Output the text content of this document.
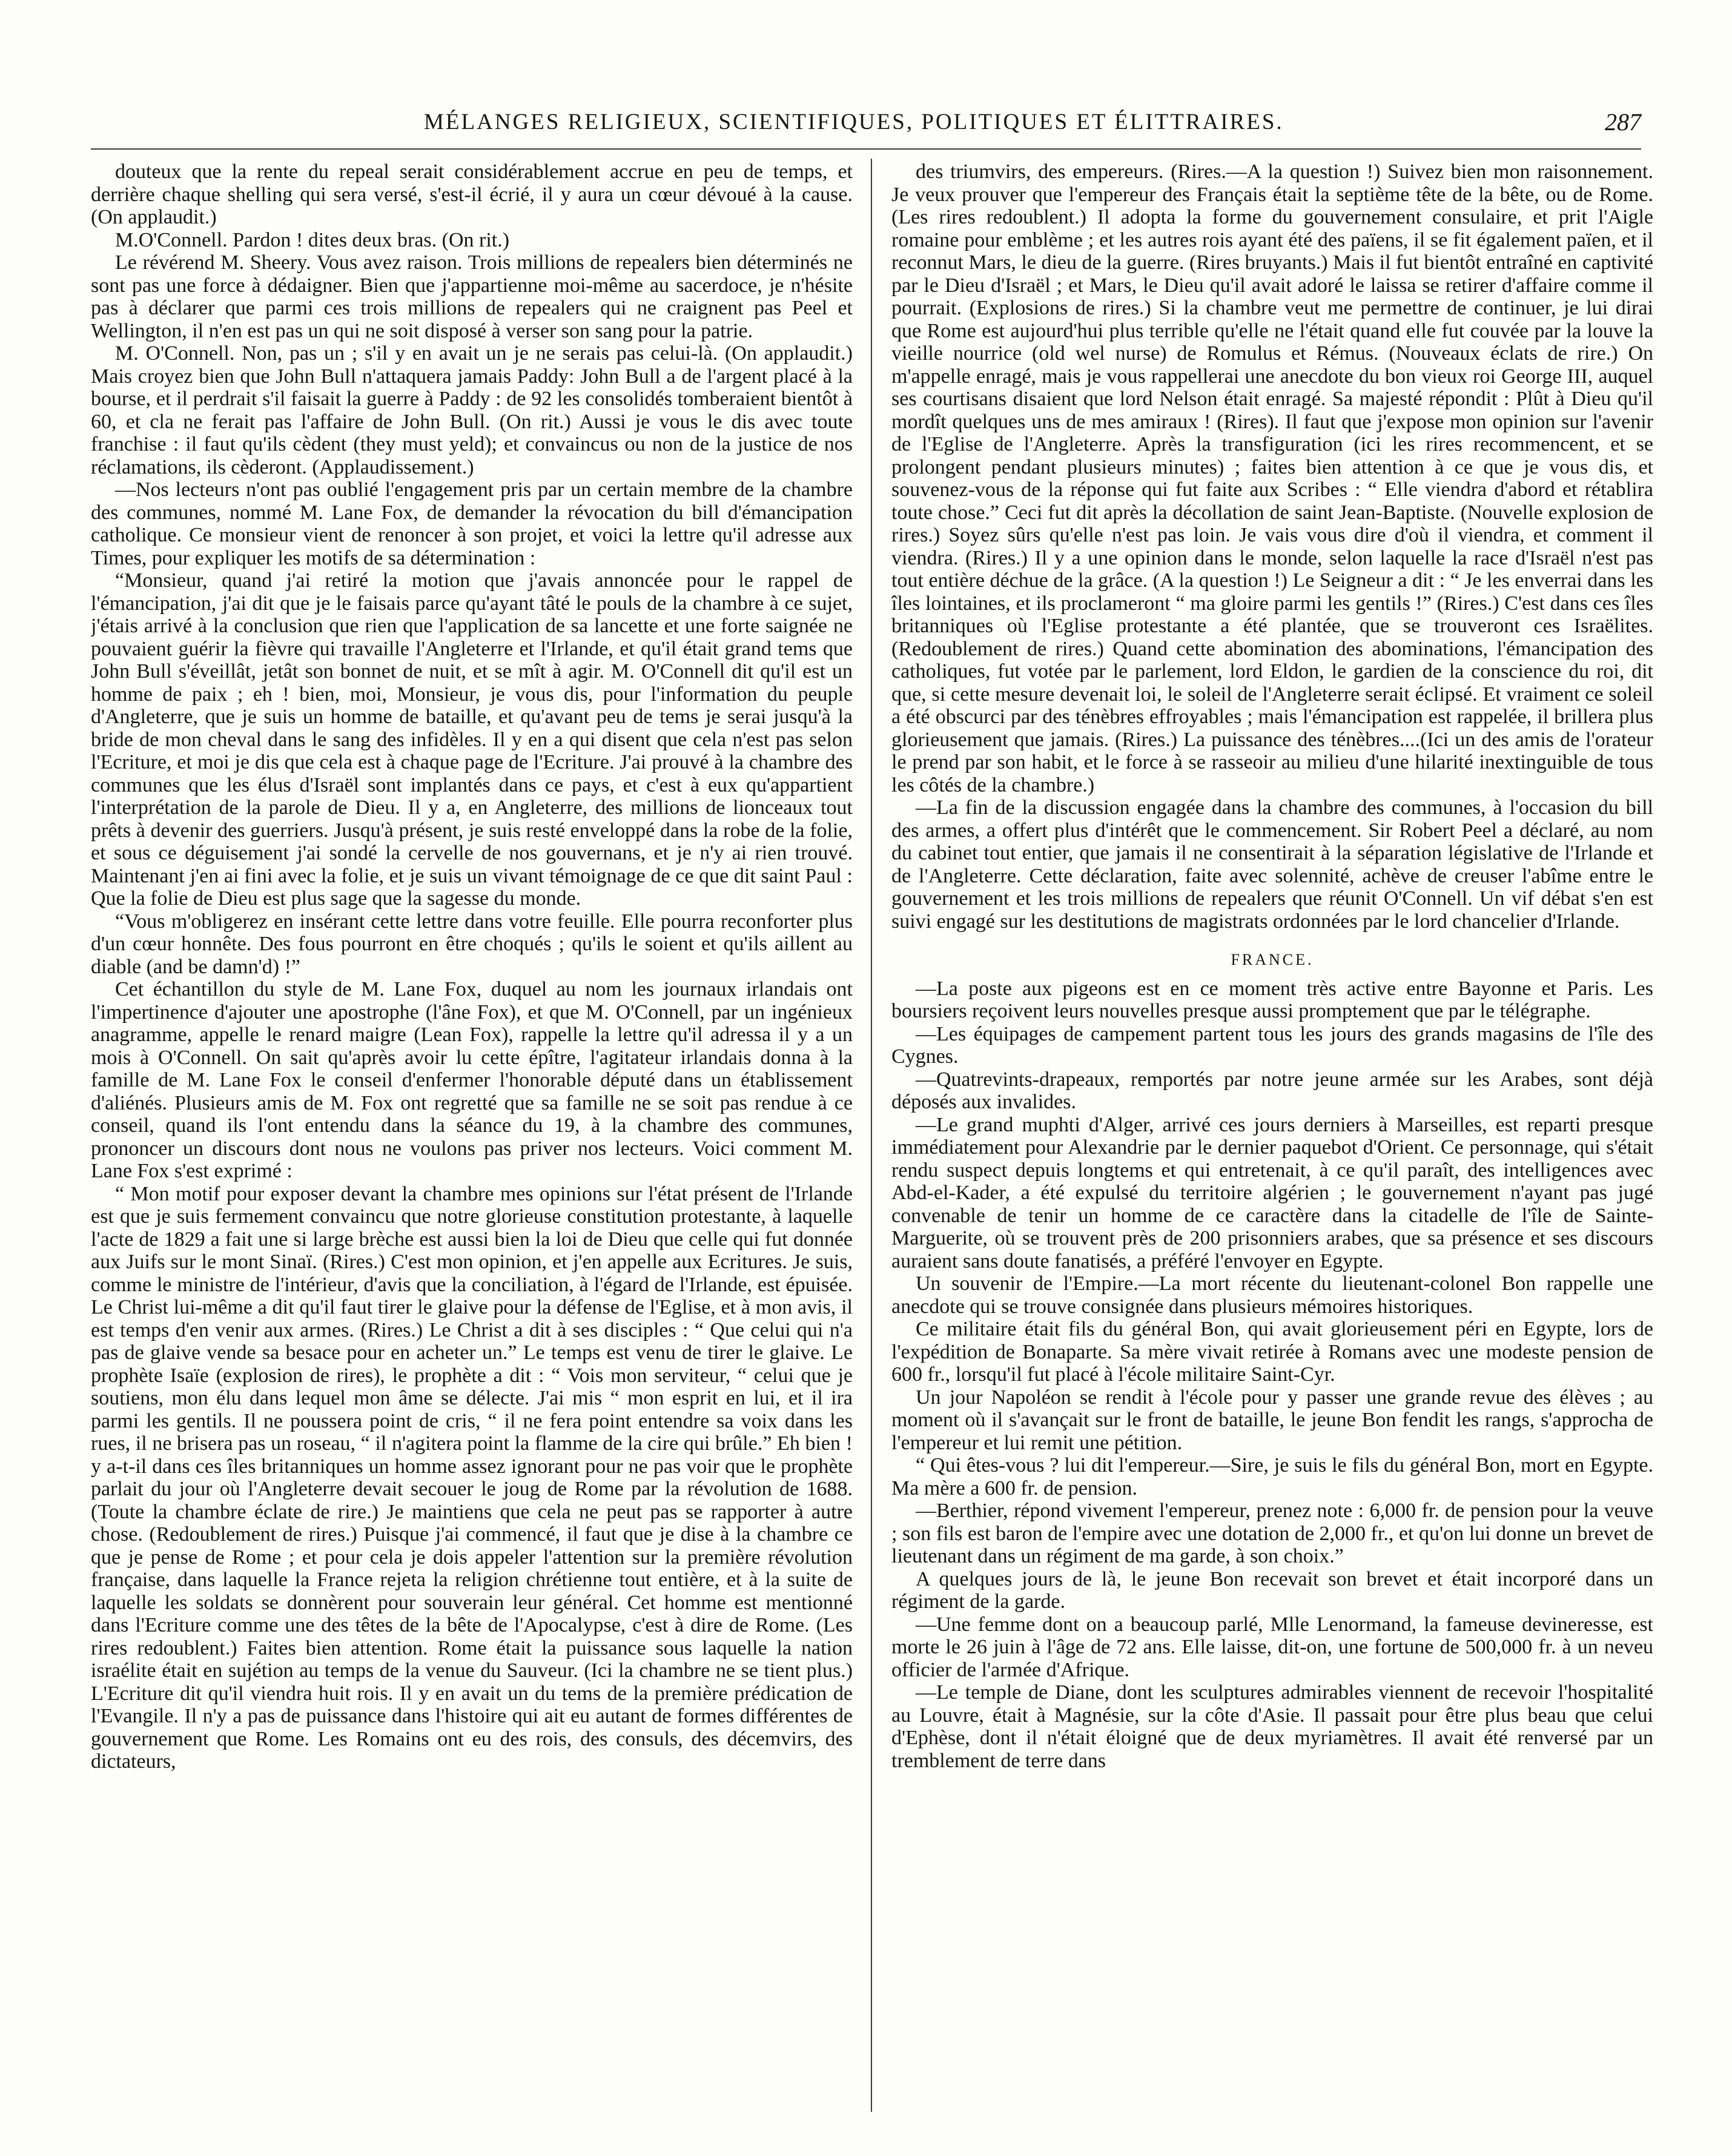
MÉLANGES RELIGIEUX, SCIENTIFIQUES, POLITIQUES ET ÉLITTRAIRES.	287

douteux que la rente du repeal serait considérablement accrue en peu de temps, et derrière chaque shelling qui sera versé, s'est-il écrié, il y aura un cœur dévoué à la cause. (On applaudit.)

M.O'Connell. Pardon ! dites deux bras. (On rit.)

Le révérend M. Sheery. Vous avez raison. Trois millions de repealers bien déterminés ne sont pas une force à dédaigner. Bien que j'appartienne moi-même au sacerdoce, je n'hésite pas à déclarer que parmi ces trois millions de repealers qui ne craignent pas Peel et Wellington, il n'en est pas un qui ne soit disposé à verser son sang pour la patrie.

M. O'Connell. Non, pas un ; s'il y en avait un je ne serais pas celui-là. (On applaudit.) Mais croyez bien que John Bull n'attaquera jamais Paddy: John Bull a de l'argent placé à la bourse, et il perdrait s'il faisait la guerre à Paddy : de 92 les consolidés tomberaient bientôt à 60, et cla ne ferait pas l'affaire de John Bull. (On rit.) Aussi je vous le dis avec toute franchise : il faut qu'ils cèdent (they must yeld); et convaincus ou non de la justice de nos réclamations, ils cèderont. (Applaudissement.)

—Nos lecteurs n'ont pas oublié l'engagement pris par un certain membre de la chambre des communes, nommé M. Lane Fox, de demander la révocation du bill d'émancipation catholique. Ce monsieur vient de renoncer à son projet, et voici la lettre qu'il adresse aux Times, pour expliquer les motifs de sa détermination :

“Monsieur, quand j'ai retiré la motion que j'avais annoncée pour le rappel de l'émancipation, j'ai dit que je le faisais parce qu'ayant tâté le pouls de la chambre à ce sujet, j'étais arrivé à la conclusion que rien que l'application de sa lancette et une forte saignée ne pouvaient guérir la fièvre qui travaille l'Angleterre et l'Irlande, et qu'il était grand tems que John Bull s'éveillât, jetât son bonnet de nuit, et se mît à agir. M. O'Connell dit qu'il est un homme de paix ; eh ! bien, moi, Monsieur, je vous dis, pour l'information du peuple d'Angleterre, que je suis un homme de bataille, et qu'avant peu de tems je serai jusqu'à la bride de mon cheval dans le sang des infidèles. Il y en a qui disent que cela n'est pas selon l'Ecriture, et moi je dis que cela est à chaque page de l'Ecriture. J'ai prouvé à la chambre des communes que les élus d'Israël sont implantés dans ce pays, et c'est à eux qu'appartient l'interprétation de la parole de Dieu. Il y a, en Angleterre, des millions de lionceaux tout prêts à devenir des guerriers. Jusqu'à présent, je suis resté enveloppé dans la robe de la folie, et sous ce déguisement j'ai sondé la cervelle de nos gouvernans, et je n'y ai rien trouvé. Maintenant j'en ai fini avec la folie, et je suis un vivant témoignage de ce que dit saint Paul : Que la folie de Dieu est plus sage que la sagesse du monde.

“Vous m'obligerez en insérant cette lettre dans votre feuille. Elle pourra reconforter plus d'un cœur honnête. Des fous pourront en être choqués ; qu'ils le soient et qu'ils aillent au diable (and be damn'd) !”

Cet échantillon du style de M. Lane Fox, duquel au nom les journaux irlandais ont l'impertinence d'ajouter une apostrophe (l'âne Fox), et que M. O'Connell, par un ingénieux anagramme, appelle le renard maigre (Lean Fox), rappelle la lettre qu'il adressa il y a un mois à O'Connell. On sait qu'après avoir lu cette épître, l'agitateur irlandais donna à la famille de M. Lane Fox le conseil d'enfermer l'honorable député dans un établissement d'aliénés. Plusieurs amis de M. Fox ont regretté que sa famille ne se soit pas rendue à ce conseil, quand ils l'ont entendu dans la séance du 19, à la chambre des communes, prononcer un discours dont nous ne voulons pas priver nos lecteurs. Voici comment M. Lane Fox s'est exprimé :

“ Mon motif pour exposer devant la chambre mes opinions sur l'état présent de l'Irlande est que je suis fermement convaincu que notre glorieuse constitution protestante, à laquelle l'acte de 1829 a fait une si large brèche est aussi bien la loi de Dieu que celle qui fut donnée aux Juifs sur le mont Sinaï. (Rires.) C'est mon opinion, et j'en appelle aux Ecritures. Je suis, comme le ministre de l'intérieur, d'avis que la conciliation, à l'égard de l'Irlande, est épuisée. Le Christ lui-même a dit qu'il faut tirer le glaive pour la défense de l'Eglise, et à mon avis, il est temps d'en venir aux armes. (Rires.) Le Christ a dit à ses disciples : “ Que celui qui n'a pas de glaive vende sa besace pour en acheter un.” Le temps est venu de tirer le glaive. Le prophète Isaïe (explosion de rires), le prophète a dit : “ Vois mon serviteur, “ celui que je soutiens, mon élu dans lequel mon âme se délecte. J'ai mis “ mon esprit en lui, et il ira parmi les gentils. Il ne poussera point de cris, “ il ne fera point entendre sa voix dans les rues, il ne brisera pas un roseau, “ il n'agitera point la flamme de la cire qui brûle.” Eh bien ! y a-t-il dans ces îles britanniques un homme assez ignorant pour ne pas voir que le prophète parlait du jour où l'Angleterre devait secouer le joug de Rome par la révolution de 1688. (Toute la chambre éclate de rire.) Je maintiens que cela ne peut pas se rapporter à autre chose. (Redoublement de rires.) Puisque j'ai commencé, il faut que je dise à la chambre ce que je pense de Rome ; et pour cela je dois appeler l'attention sur la première révolution française, dans laquelle la France rejeta la religion chrétienne tout entière, et à la suite de laquelle les soldats se donnèrent pour souverain leur général. Cet homme est mentionné dans l'Ecriture comme une des têtes de la bête de l'Apocalypse, c'est à dire de Rome. (Les rires redoublent.) Faites bien attention. Rome était la puissance sous laquelle la nation israélite était en sujétion au temps de la venue du Sauveur. (Ici la chambre ne se tient plus.) L'Ecriture dit qu'il viendra huit rois. Il y en avait un du tems de la première prédication de l'Evangile. Il n'y a pas de puissance dans l'histoire qui ait eu autant de formes différentes de gouvernement que Rome. Les Romains ont eu des rois, des consuls, des décemvirs, des dictateurs,

des triumvirs, des empereurs. (Rires.—A la question !) Suivez bien mon raisonnement. Je veux prouver que l'empereur des Français était la septième tête de la bête, ou de Rome. (Les rires redoublent.) Il adopta la forme du gouvernement consulaire, et prit l'Aigle romaine pour emblème ; et les autres rois ayant été des païens, il se fit également païen, et il reconnut Mars, le dieu de la guerre. (Rires bruyants.) Mais il fut bientôt entraîné en captivité par le Dieu d'Israël ; et Mars, le Dieu qu'il avait adoré le laissa se retirer d'affaire comme il pourrait. (Explosions de rires.) Si la chambre veut me permettre de continuer, je lui dirai que Rome est aujourd'hui plus terrible qu'elle ne l'était quand elle fut couvée par la louve la vieille nourrice (old wel nurse) de Romulus et Rémus. (Nouveaux éclats de rire.) On m'appelle enragé, mais je vous rappellerai une anecdote du bon vieux roi George III, auquel ses courtisans disaient que lord Nelson était enragé. Sa majesté répondit : Plût à Dieu qu'il mordît quelques uns de mes amiraux ! (Rires). Il faut que j'expose mon opinion sur l'avenir de l'Eglise de l'Angleterre. Après la transfiguration (ici les rires recommencent, et se prolongent pendant plusieurs minutes) ; faites bien attention à ce que je vous dis, et souvenez-vous de la réponse qui fut faite aux Scribes : “ Elle viendra d'abord et rétablira toute chose.” Ceci fut dit après la décollation de saint Jean-Baptiste. (Nouvelle explosion de rires.) Soyez sûrs qu'elle n'est pas loin. Je vais vous dire d'où il viendra, et comment il viendra. (Rires.) Il y a une opinion dans le monde, selon laquelle la race d'Israël n'est pas tout entière déchue de la grâce. (A la question !) Le Seigneur a dit : “ Je les enverrai dans les îles lointaines, et ils proclameront “ ma gloire parmi les gentils !” (Rires.) C'est dans ces îles britanniques où l'Eglise protestante a été plantée, que se trouveront ces Israëlites. (Redoublement de rires.) Quand cette abomination des abominations, l'émancipation des catholiques, fut votée par le parlement, lord Eldon, le gardien de la conscience du roi, dit que, si cette mesure devenait loi, le soleil de l'Angleterre serait éclipsé. Et vraiment ce soleil a été obscurci par des ténèbres effroyables ; mais l'émancipation est rappelée, il brillera plus glorieusement que jamais. (Rires.) La puissance des ténèbres....(Ici un des amis de l'orateur le prend par son habit, et le force à se rasseoir au milieu d'une hilarité inextinguible de tous les côtés de la chambre.)

—La fin de la discussion engagée dans la chambre des communes, à l'occasion du bill des armes, a offert plus d'intérêt que le commencement. Sir Robert Peel a déclaré, au nom du cabinet tout entier, que jamais il ne consentirait à la séparation législative de l'Irlande et de l'Angleterre. Cette déclaration, faite avec solennité, achève de creuser l'abîme entre le gouvernement et les trois millions de repealers que réunit O'Connell. Un vif débat s'en est suivi engagé sur les destitutions de magistrats ordonnées par le lord chancelier d'Irlande.

FRANCE.

—La poste aux pigeons est en ce moment très active entre Bayonne et Paris. Les boursiers reçoivent leurs nouvelles presque aussi promptement que par le télégraphe.

—Les équipages de campement partent tous les jours des grands magasins de l'île des Cygnes.

—Quatrevints-drapeaux, remportés par notre jeune armée sur les Arabes, sont déjà déposés aux invalides.

—Le grand muphti d'Alger, arrivé ces jours derniers à Marseilles, est reparti presque immédiatement pour Alexandrie par le dernier paquebot d'Orient. Ce personnage, qui s'était rendu suspect depuis longtems et qui entretenait, à ce qu'il paraît, des intelligences avec Abd-el-Kader, a été expulsé du territoire algérien ; le gouvernement n'ayant pas jugé convenable de tenir un homme de ce caractère dans la citadelle de l'île de Sainte-Marguerite, où se trouvent près de 200 prisonniers arabes, que sa présence et ses discours auraient sans doute fanatisés, a préféré l'envoyer en Egypte.

Un souvenir de l'Empire.—La mort récente du lieutenant-colonel Bon rappelle une anecdote qui se trouve consignée dans plusieurs mémoires historiques.

Ce militaire était fils du général Bon, qui avait glorieusement péri en Egypte, lors de l'expédition de Bonaparte. Sa mère vivait retirée à Romans avec une modeste pension de 600 fr., lorsqu'il fut placé à l'école militaire Saint-Cyr.

Un jour Napoléon se rendit à l'école pour y passer une grande revue des élèves ; au moment où il s'avançait sur le front de bataille, le jeune Bon fendit les rangs, s'approcha de l'empereur et lui remit une pétition.

“ Qui êtes-vous ? lui dit l'empereur.—Sire, je suis le fils du général Bon, mort en Egypte. Ma mère a 600 fr. de pension.

—Berthier, répond vivement l'empereur, prenez note : 6,000 fr. de pension pour la veuve ; son fils est baron de l'empire avec une dotation de 2,000 fr., et qu'on lui donne un brevet de lieutenant dans un régiment de ma garde, à son choix.”

A quelques jours de là, le jeune Bon recevait son brevet et était incorporé dans un régiment de la garde.

—Une femme dont on a beaucoup parlé, Mlle Lenormand, la fameuse devineresse, est morte le 26 juin à l'âge de 72 ans. Elle laisse, dit-on, une fortune de 500,000 fr. à un neveu officier de l'armée d'Afrique.

—Le temple de Diane, dont les sculptures admirables viennent de recevoir l'hospitalité au Louvre, était à Magnésie, sur la côte d'Asie. Il passait pour être plus beau que celui d'Ephèse, dont il n'était éloigné que de deux myriamètres. Il avait été renversé par un tremblement de terre dans
